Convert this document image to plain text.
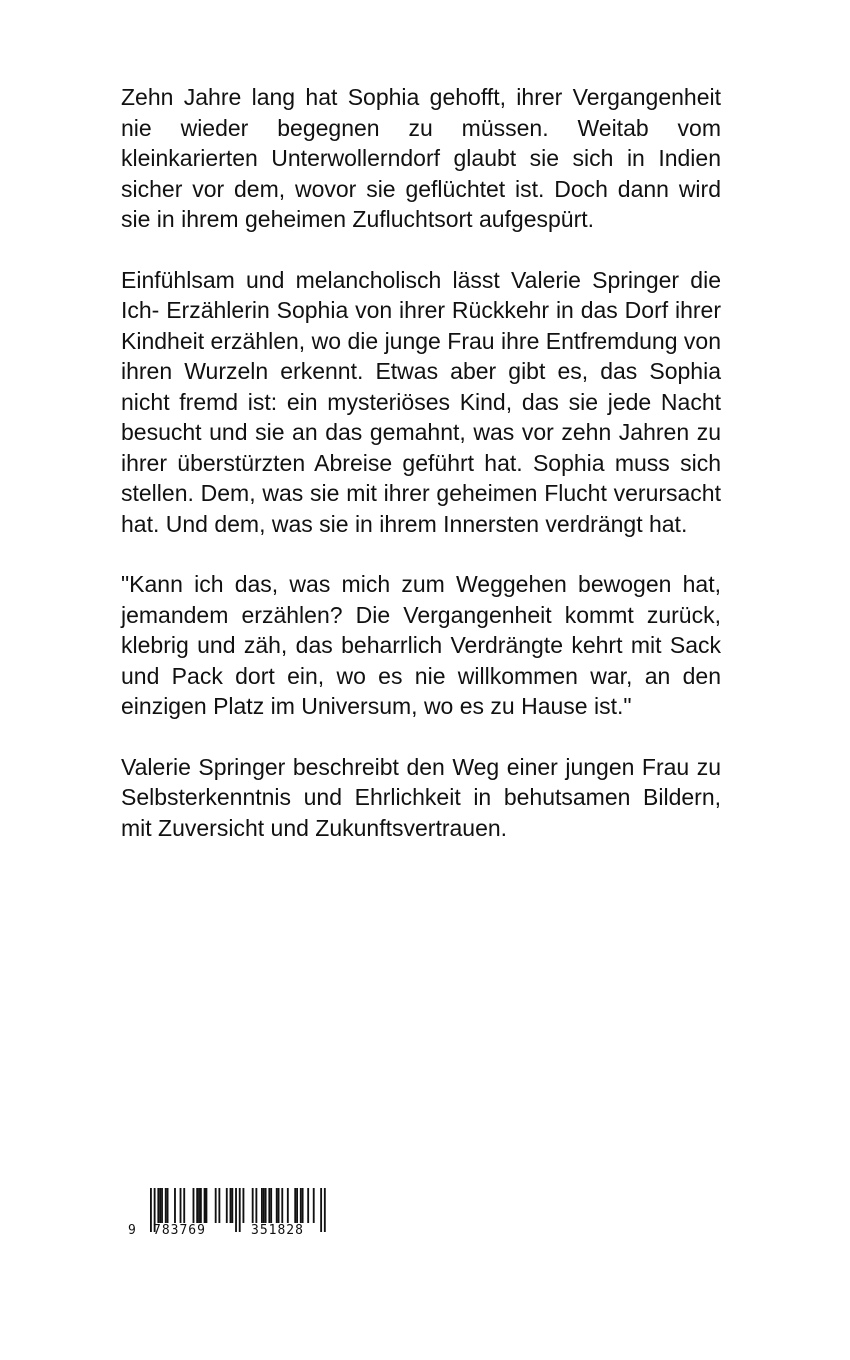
Zehn Jahre lang hat Sophia gehofft, ihrer Vergangenheit nie wieder begegnen zu müssen. Weitab vom kleinkarierten Unterwollerndorf glaubt sie sich in Indien sicher vor dem, wovor sie geflüchtet ist. Doch dann wird sie in ihrem geheimen Zufluchtsort aufgespürt.

Einfühlsam und melancholisch lässt Valerie Springer die Ich- Erzählerin Sophia von ihrer Rückkehr in das Dorf ihrer Kindheit erzählen, wo die junge Frau ihre Entfremdung von ihren Wurzeln erkennt. Etwas aber gibt es, das Sophia nicht fremd ist: ein mysteriöses Kind, das sie jede Nacht besucht und sie an das gemahnt, was vor zehn Jahren zu ihrer überstürzten Abreise geführt hat. Sophia muss sich stellen. Dem, was sie mit ihrer geheimen Flucht verursacht hat. Und dem, was sie in ihrem Innersten verdrängt hat.

"Kann ich das, was mich zum Weggehen bewogen hat, jemandem erzählen? Die Vergangenheit kommt zurück, klebrig und zäh, das beharrlich Verdrängte kehrt mit Sack und Pack dort ein, wo es nie willkommen war, an den einzigen Platz im Universum, wo es zu Hause ist."

Valerie Springer beschreibt den Weg einer jungen Frau zu Selbsterkenntnis und Ehrlichkeit in behutsamen Bildern, mit Zuversicht und Zukunftsvertrauen.

9 783769	351828
